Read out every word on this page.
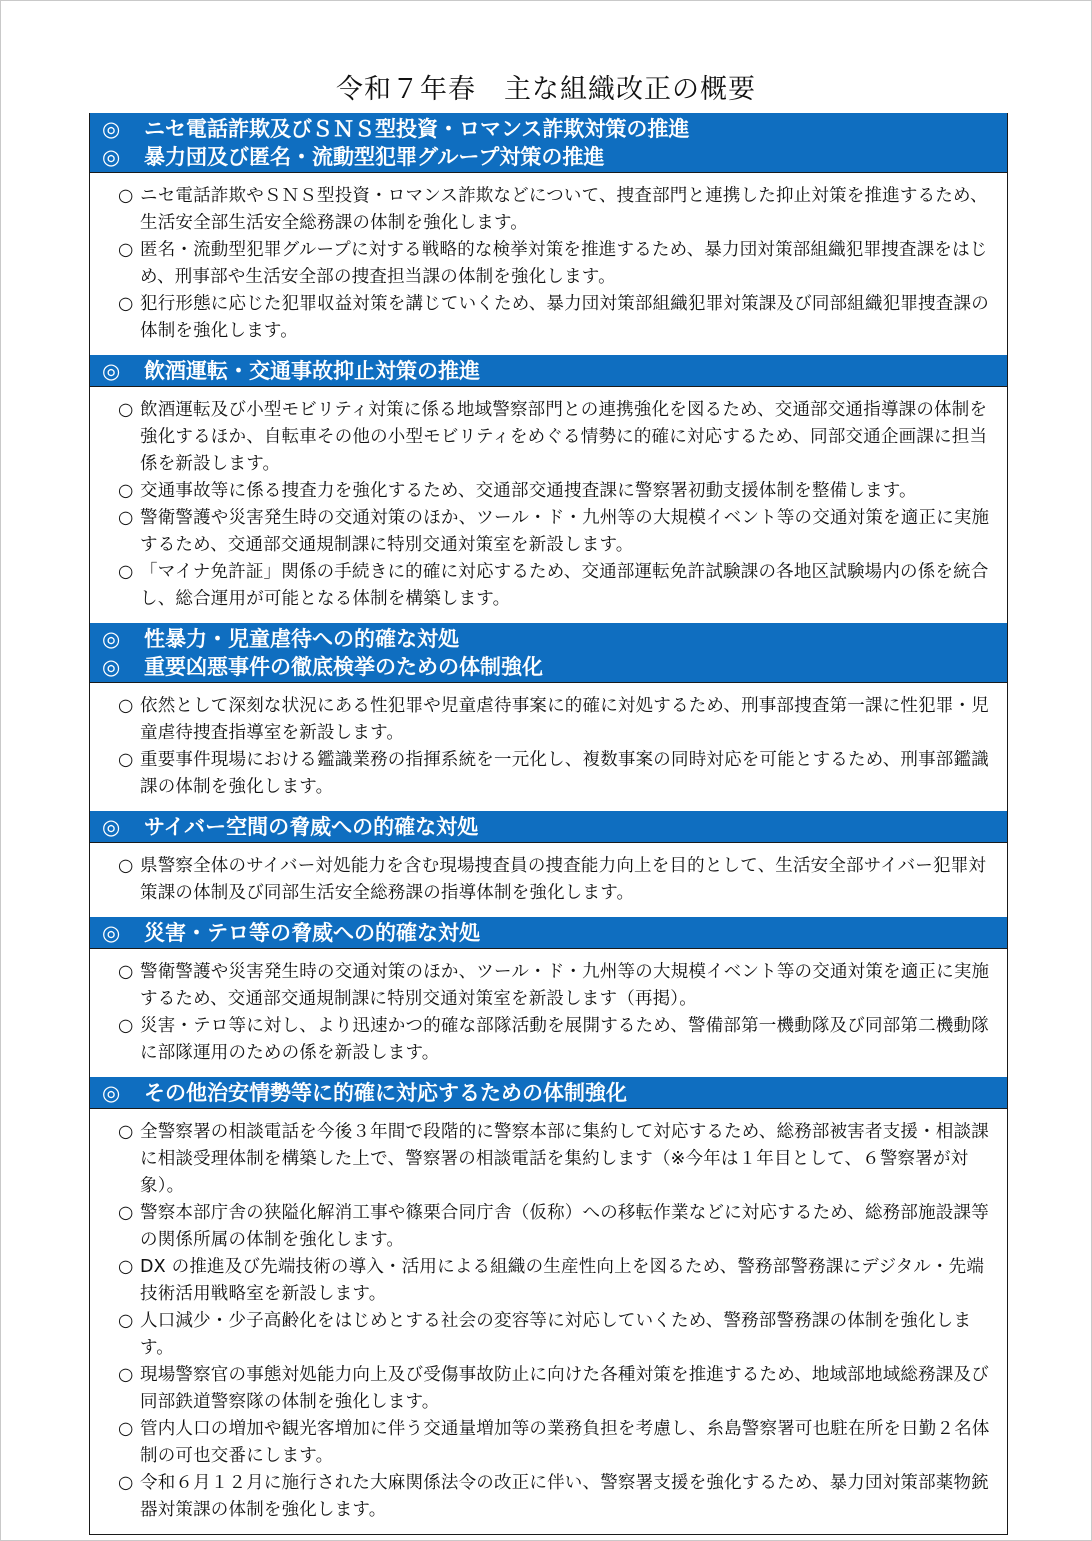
令和７年春　主な組織改正の概要
◎ ニセ電話詐欺及びＳＮＳ型投資・ロマンス詐欺対策の推進
◎ 暴力団及び匿名・流動型犯罪グループ対策の推進
○ ニセ電話詐欺やＳＮＳ型投資・ロマンス詐欺などについて、捜査部門と連携した抑止対策を推進するため、生活安全部生活安全総務課の体制を強化します。
○ 匿名・流動型犯罪グループに対する戦略的な検挙対策を推進するため、暴力団対策部組織犯罪捜査課をはじめ、刑事部や生活安全部の捜査担当課の体制を強化します。
○ 犯行形態に応じた犯罪収益対策を講じていくため、暴力団対策部組織犯罪対策課及び同部組織犯罪捜査課の体制を強化します。
◎ 飲酒運転・交通事故抑止対策の推進
○ 飲酒運転及び小型モビリティ対策に係る地域警察部門との連携強化を図るため、交通部交通指導課の体制を強化するほか、自転車その他の小型モビリティをめぐる情勢に的確に対応するため、同部交通企画課に担当係を新設します。
○ 交通事故等に係る捜査力を強化するため、交通部交通捜査課に警察署初動支援体制を整備します。
○ 警衛警護や災害発生時の交通対策のほか、ツール・ド・九州等の大規模イベント等の交通対策を適正に実施するため、交通部交通規制課に特別交通対策室を新設します。
○ 「マイナ免許証」関係の手続きに的確に対応するため、交通部運転免許試験課の各地区試験場内の係を統合し、総合運用が可能となる体制を構築します。
◎ 性暴力・児童虐待への的確な対処
◎ 重要凶悪事件の徹底検挙のための体制強化
○ 依然として深刻な状況にある性犯罪や児童虐待事案に的確に対処するため、刑事部捜査第一課に性犯罪・児童虐待捜査指導室を新設します。
○ 重要事件現場における鑑識業務の指揮系統を一元化し、複数事案の同時対応を可能とするため、刑事部鑑識課の体制を強化します。
◎ サイバー空間の脅威への的確な対処
○ 県警察全体のサイバー対処能力を含む現場捜査員の捜査能力向上を目的として、生活安全部サイバー犯罪対策課の体制及び同部生活安全総務課の指導体制を強化します。
◎ 災害・テロ等の脅威への的確な対処
○ 警衛警護や災害発生時の交通対策のほか、ツール・ド・九州等の大規模イベント等の交通対策を適正に実施するため、交通部交通規制課に特別交通対策室を新設します（再掲）。
○ 災害・テロ等に対し、より迅速かつ的確な部隊活動を展開するため、警備部第一機動隊及び同部第二機動隊に部隊運用のための係を新設します。
◎ その他治安情勢等に的確に対応するための体制強化
○ 全警察署の相談電話を今後３年間で段階的に警察本部に集約して対応するため、総務部被害者支援・相談課に相談受理体制を構築した上で、警察署の相談電話を集約します（※今年は１年目として、６警察署が対象）。
○ 警察本部庁舎の狭隘化解消工事や篠栗合同庁舎（仮称）への移転作業などに対応するため、総務部施設課等の関係所属の体制を強化します。
○ DX の推進及び先端技術の導入・活用による組織の生産性向上を図るため、警務部警務課にデジタル・先端技術活用戦略室を新設します。
○ 人口減少・少子高齢化をはじめとする社会の変容等に対応していくため、警務部警務課の体制を強化します。
○ 現場警察官の事態対処能力向上及び受傷事故防止に向けた各種対策を推進するため、地域部地域総務課及び同部鉄道警察隊の体制を強化します。
○ 管内人口の増加や観光客増加に伴う交通量増加等の業務負担を考慮し、糸島警察署可也駐在所を日勤２名体制の可也交番にします。
○ 令和６月１２月に施行された大麻関係法令の改正に伴い、警察署支援を強化するため、暴力団対策部薬物銃器対策課の体制を強化します。
